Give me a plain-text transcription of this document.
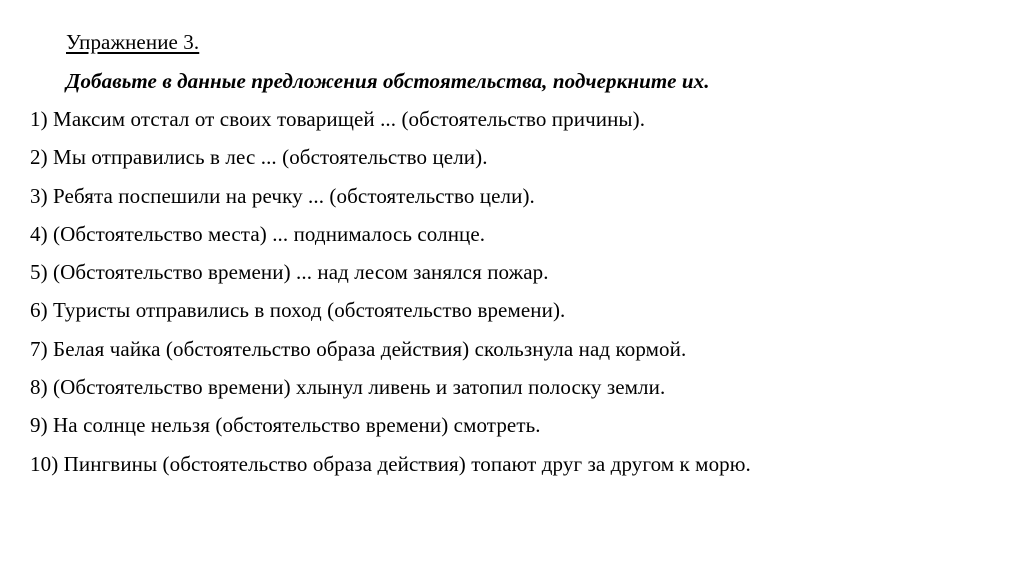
Упражнение 3.
Добавьте в данные предложения обстоятельства, подчеркните их.
1) Максим отстал от своих товарищей ... (обстоятельство причины).
2) Мы отправились в лес ... (обстоятельство цели).
3) Ребята поспешили на речку ... (обстоятельство цели).
4) (Обстоятельство места) ... поднималось солнце.
5) (Обстоятельство времени) ... над лесом занялся пожар.
6) Туристы отправились в поход (обстоятельство времени).
7) Белая чайка (обстоятельство образа действия) скользнула над кормой.
8) (Обстоятельство времени) хлынул ливень и затопил полоску земли.
9) На солнце нельзя (обстоятельство времени) смотреть.
10) Пингвины (обстоятельство образа действия) топают друг за другом к морю.
